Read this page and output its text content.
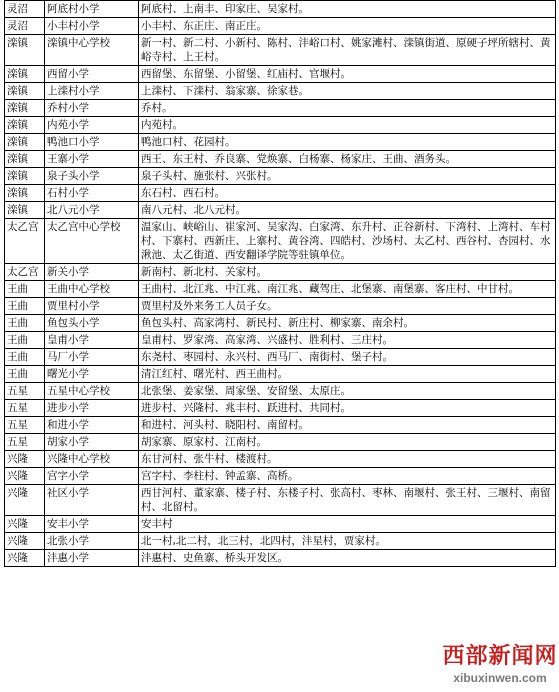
灵沼	阿底村小学	阿底村、上南丰、印家庄、吴家村。
灵沼	小丰村小学	小丰村、东正庄、南正庄。
滦镇	滦镇中心学校	新一村、新二村、小新村、陈村、沣峪口村、姚家滩村、滦镇街道、原硬子坪所辖村、黄峪寺村、上王村。
滦镇	西留小学	西留堡、东留堡、小留堡、红庙村、官堰村。
滦镇	上滦村小学	上滦村、下滦村、翁家寨、徐家巷。
滦镇	乔村小学	乔村。
滦镇	内苑小学	内苑村。
滦镇	鸭池口小学	鸭池口村、花园村。
滦镇	王寨小学	西王、东王村、乔良寨、党焕寨、白杨寨、杨家庄、王曲、酒务头。
滦镇	泉子头小学	泉子头村、施张村、兴张村。
滦镇	石村小学	东石村、西石村。
滦镇	北八元小学	南八元村、北八元村。
太乙宫	太乙宫中心学校	温家山、峡峪山、崔家河、吴家沟、白家湾、东升村、正谷新村、下湾村、上湾村、车村村、下寨村、西新庄、上寨村、黄谷湾、四皓村、沙场村、太乙村、西谷村、杏园村、水湫池、太乙街道、西安翻译学院等驻镇单位。
太乙宫	新关小学	新南村、新北村、关家村。
王曲	王曲中心学校	王曲村、北江兆、中江兆、南江兆、藏驾庄、北堡寨、南堡寨、客庄村、中甘村。
王曲	贾里村小学	贾里村及外来务工人员子女。
王曲	鱼包头小学	鱼包头村、高家湾村、新民村、新庄村、柳家寨、南余村。
王曲	皇甫小学	皇甫村、罗家湾、高家湾、兴盛村、胜利村、三庄村。
王曲	马厂小学	东尧村、枣园村、永兴村、西马厂、南街村、堡子村。
王曲	曙光小学	清江红村、曙光村、西王曲村。
五星	五星中心学校	北张堡、姜家堡、周家堡、安留堡、太原庄。
五星	进步小学	进步村、兴隆村、兆丰村、跃进村、共同村。
五星	和进小学	和进村、河头村、晓阳村、南留村。
五星	胡家小学	胡家寨、原家村、江南村。
兴隆	兴隆中心学校	东甘河村、张牛村、楼渡村。
兴隆	宫字小学	宫字村、李柱村、钟孟寨、高桥。
兴隆	社区小学	西甘河村、董家寨、楼子村、东楼子村、张高村、枣林、南堰村、张王村、三堰村、南留村、北留村。
兴隆	安丰小学	安丰村
兴隆	北张小学	北一村,北二村，北三村，北四村，沣星村，贾家村。
兴隆	沣惠小学	沣惠村、史鱼寨、桥头开发区。
西部新闻网
xibuxinwen.com
